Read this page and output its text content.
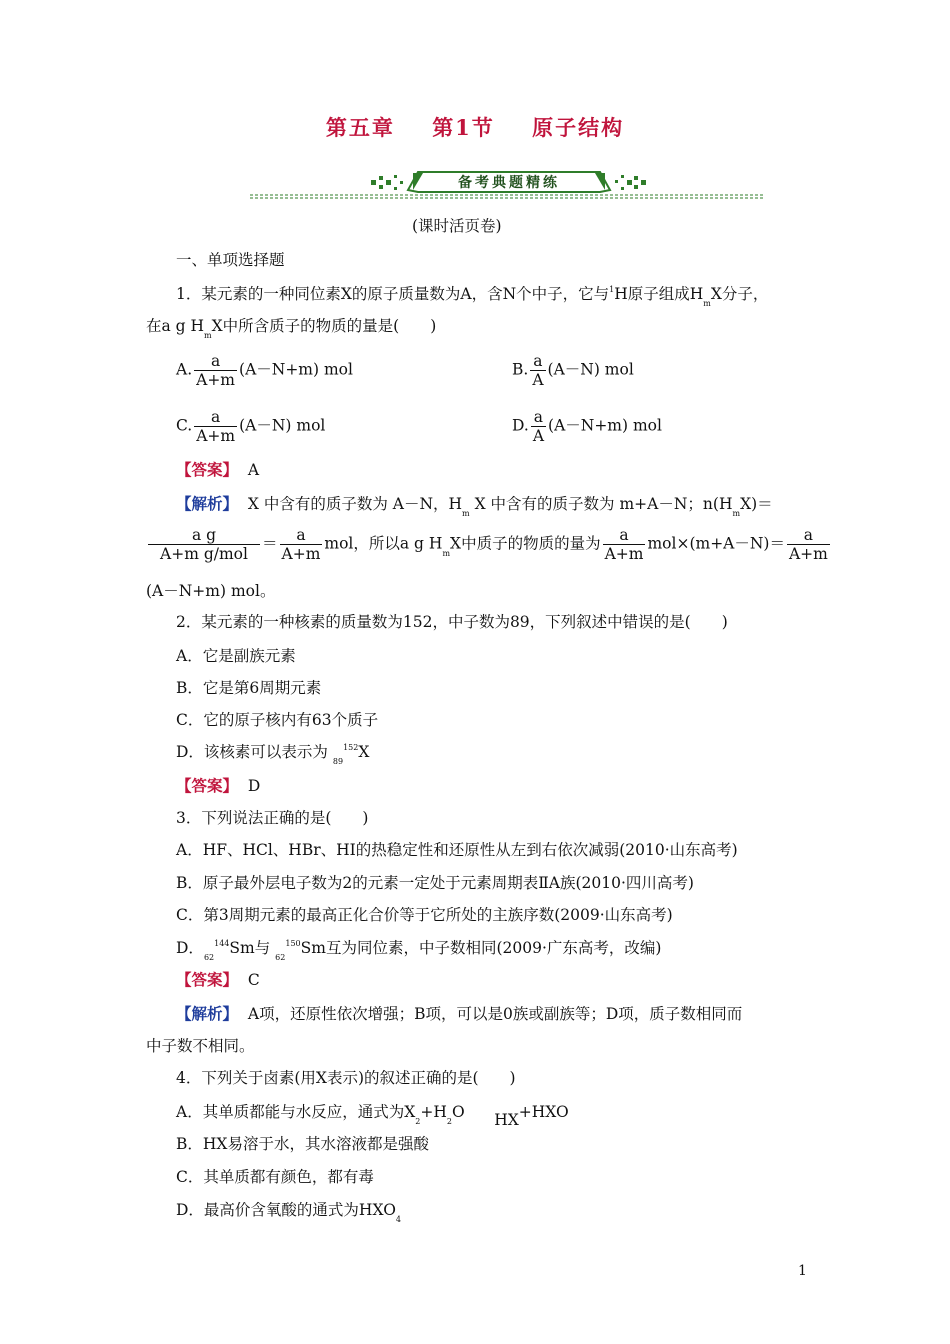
第五章 第1节 原子结构
备考典题精练
(课时活页卷)
一、单项选择题
1．某元素的一种同位素X的原子质量数为A，含N个中子，它与$^1$H原子组成$H_mX$分子，
在a g $H_mX$中所含质子的物质的量是(　　)
A. $\frac{a}{A+m} (A-N+m)$ mol	B. $\frac{a}{A} (A-N)$ mol
C. $\frac{a}{A+m} (A-N)$ mol	D. $\frac{a}{A} (A-N+m)$ mol
【答案】 A
【解析】 X 中含有的质子数为 A－N，$H_m$ X 中含有的质子数为 m+A－N；$n(H_mX)=$
$\frac{\text{a g}}{\text{A+m g/mol}} = \frac{a}{A+m}$ mol，所以a g $H_mX$中质子的物质的量为 $\frac{a}{A+m} mol\times(m+A-N)= \frac{a}{A+m}$
(A－N+m) mol。
2．某元素的一种核素的质量数为152，中子数为89，下列叙述中错误的是(　　)
A．它是副族元素
B．它是第6周期元素
C．它的原子核内有63个质子
D．该核素可以表示为 $_{89}^{152}$X
【答案】 D
3．下列说法正确的是(　　)
A．HF、HCl、HBr、HI的热稳定性和还原性从左到右依次减弱(2010·山东高考)
B．原子最外层电子数为2的元素一定处于元素周期表ⅡA族(2010·四川高考)
C．第3周期元素的最高正化合价等于它所处的主族序数(2009·山东高考)
D．$_{62}^{144}$Sm与 $_{62}^{150}$Sm互为同位素，中子数相同(2009·广东高考，改编)
【答案】 C
【解析】 A项，还原性依次增强；B项，可以是0族或副族等；D项，质子数相同而
中子数不相同。
4．下列关于卤素(用X表示)的叙述正确的是(　　)
A．其单质都能与水反应，通式为$X_2+H_2O$ HX+HXO
B．HX易溶于水，其水溶液都是强酸
C．其单质都有颜色，都有毒
D．最高价含氧酸的通式为$HXO_4$
1
